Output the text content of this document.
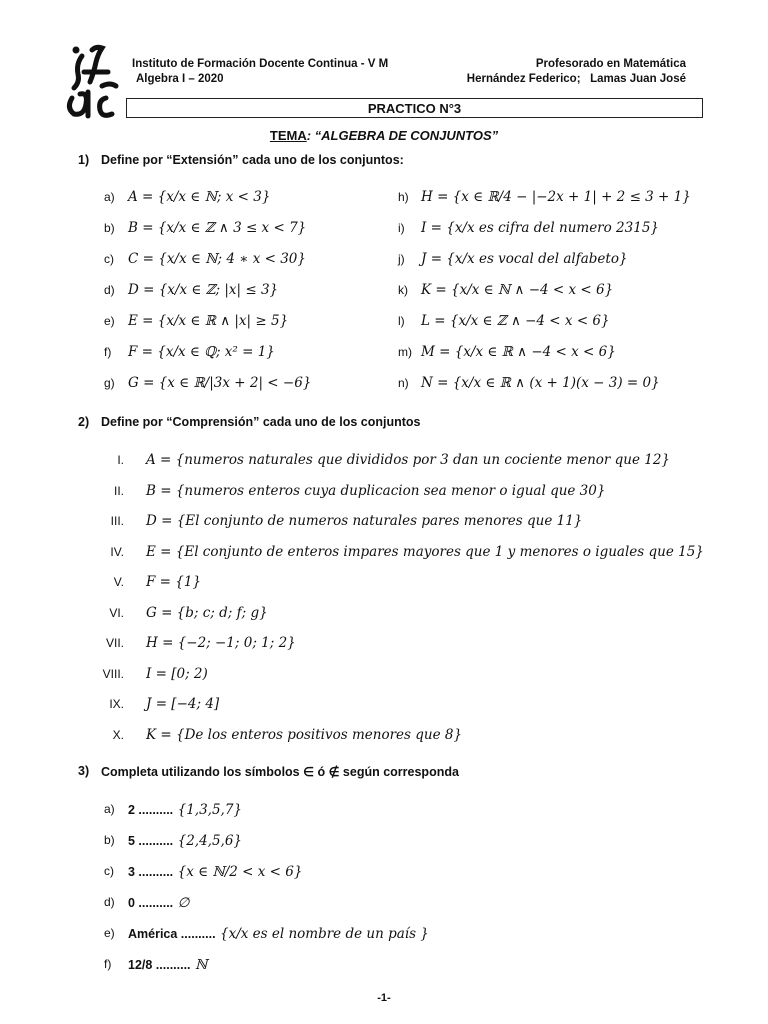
Instituto de Formación Docente Continua - V M
Algebra I – 2020
Profesorado en Matemática
Hernández Federico;   Lamas Juan José
PRACTICO N°3
TEMA: “ALGEBRA DE CONJUNTOS”
1) Define por “Extensión” cada uno de los conjuntos:
2) Define por “Comprensión” cada uno de los conjuntos
3) Completa utilizando los símbolos ∈ ó ∉ según corresponda
-1-
a) A = {x/x ∈ ℕ; x < 3}
b) B = {x/x ∈ ℤ ∧ 3 ≤ x < 7}
c) C = {x/x ∈ ℕ; 4 ∗ x < 30}
d) D = {x/x ∈ ℤ; |x| ≤ 3}
e) E = {x/x ∈ ℝ ∧ |x| ≥ 5}
f) F = {x/x ∈ ℚ; x² = 1}
g) G = {x ∈ ℝ/|3x + 2| < −6}
h) H = {x ∈ ℝ/4 − |−2x + 1| + 2 ≤ 3 + 1}
i) I = {x/x es cifra del numero 2315}
j) J = {x/x es vocal del alfabeto}
k) K = {x/x ∈ ℕ ∧ −4 < x < 6}
l) L = {x/x ∈ ℤ ∧ −4 < x < 6}
m) M = {x/x ∈ ℝ ∧ −4 < x < 6}
n) N = {x/x ∈ ℝ ∧ (x + 1)(x − 3) = 0}
I. A = {numeros naturales que divididos por 3 dan un cociente menor que 12}
II. B = {numeros enteros cuya duplicacion sea menor o igual que 30}
III. D = {El conjunto de numeros naturales pares menores que 11}
IV. E = {El conjunto de enteros impares mayores que 1 y menores o iguales que 15}
V. F = {1}
VI. G = {b; c; d; f; g}
VII. H = {−2; −1; 0; 1; 2}
VIII. I = [0; 2)
IX. J = [−4; 4]
X. K = {De los enteros positivos menores que 8}
a) 2 .......... {1,3,5,7}
b) 5 .......... {2,4,5,6}
c) 3 .......... {x ∈ ℕ/2 < x < 6}
d) 0 .......... ∅
e) América .......... {x/x es el nombre de un país }
f) 12/8 .......... ℕ
